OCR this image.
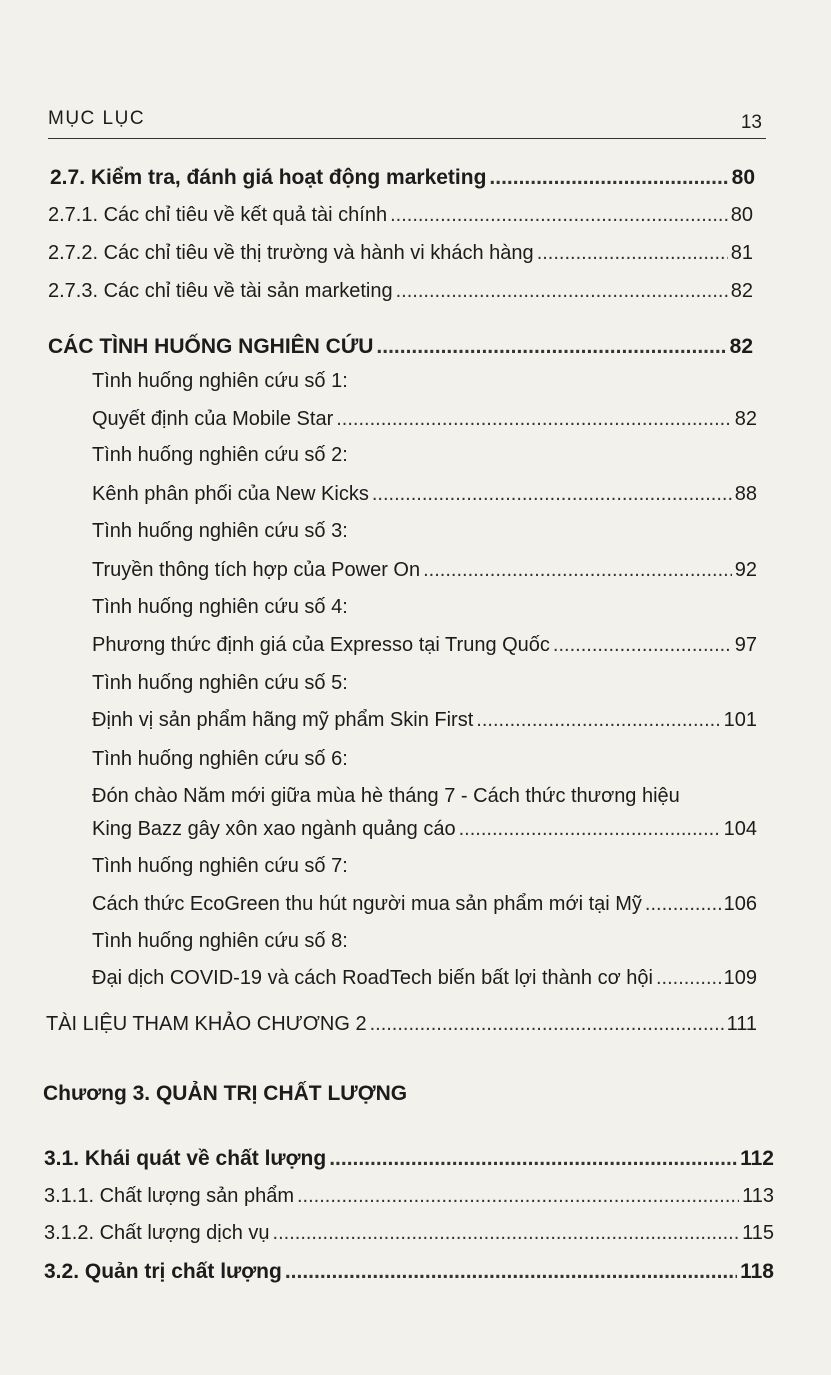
MỤC LỤC	13
2.7. Kiểm tra, đánh giá hoạt động marketing .....	80
2.7.1. Các chỉ tiêu về kết quả tài chính .....	80
2.7.2. Các chỉ tiêu về thị trường và hành vi khách hàng .....	81
2.7.3. Các chỉ tiêu về tài sản marketing .....	82
CÁC TÌNH HUỐNG NGHIÊN CỨU .....	82
Tình huống nghiên cứu số 1:
Quyết định của Mobile Star .....	82
Tình huống nghiên cứu số 2:
Kênh phân phối của New Kicks .....	88
Tình huống nghiên cứu số 3:
Truyền thông tích hợp của Power On .....	92
Tình huống nghiên cứu số 4:
Phương thức định giá của Expresso tại Trung Quốc .....	97
Tình huống nghiên cứu số 5:
Định vị sản phẩm hãng mỹ phẩm Skin First .....	101
Tình huống nghiên cứu số 6:
Đón chào Năm mới giữa mùa hè tháng 7 - Cách thức thương hiệu
King Bazz gây xôn xao ngành quảng cáo .....	104
Tình huống nghiên cứu số 7:
Cách thức EcoGreen thu hút người mua sản phẩm mới tại Mỹ .....	106
Tình huống nghiên cứu số 8:
Đại dịch COVID-19 và cách RoadTech biến bất lợi thành cơ hội .....	109
TÀI LIỆU THAM KHẢO CHƯƠNG 2 .....	111
Chương 3. QUẢN TRỊ CHẤT LƯỢNG
3.1. Khái quát về chất lượng .....	112
3.1.1. Chất lượng sản phẩm .....	113
3.1.2. Chất lượng dịch vụ .....	115
3.2. Quản trị chất lượng .....	118
